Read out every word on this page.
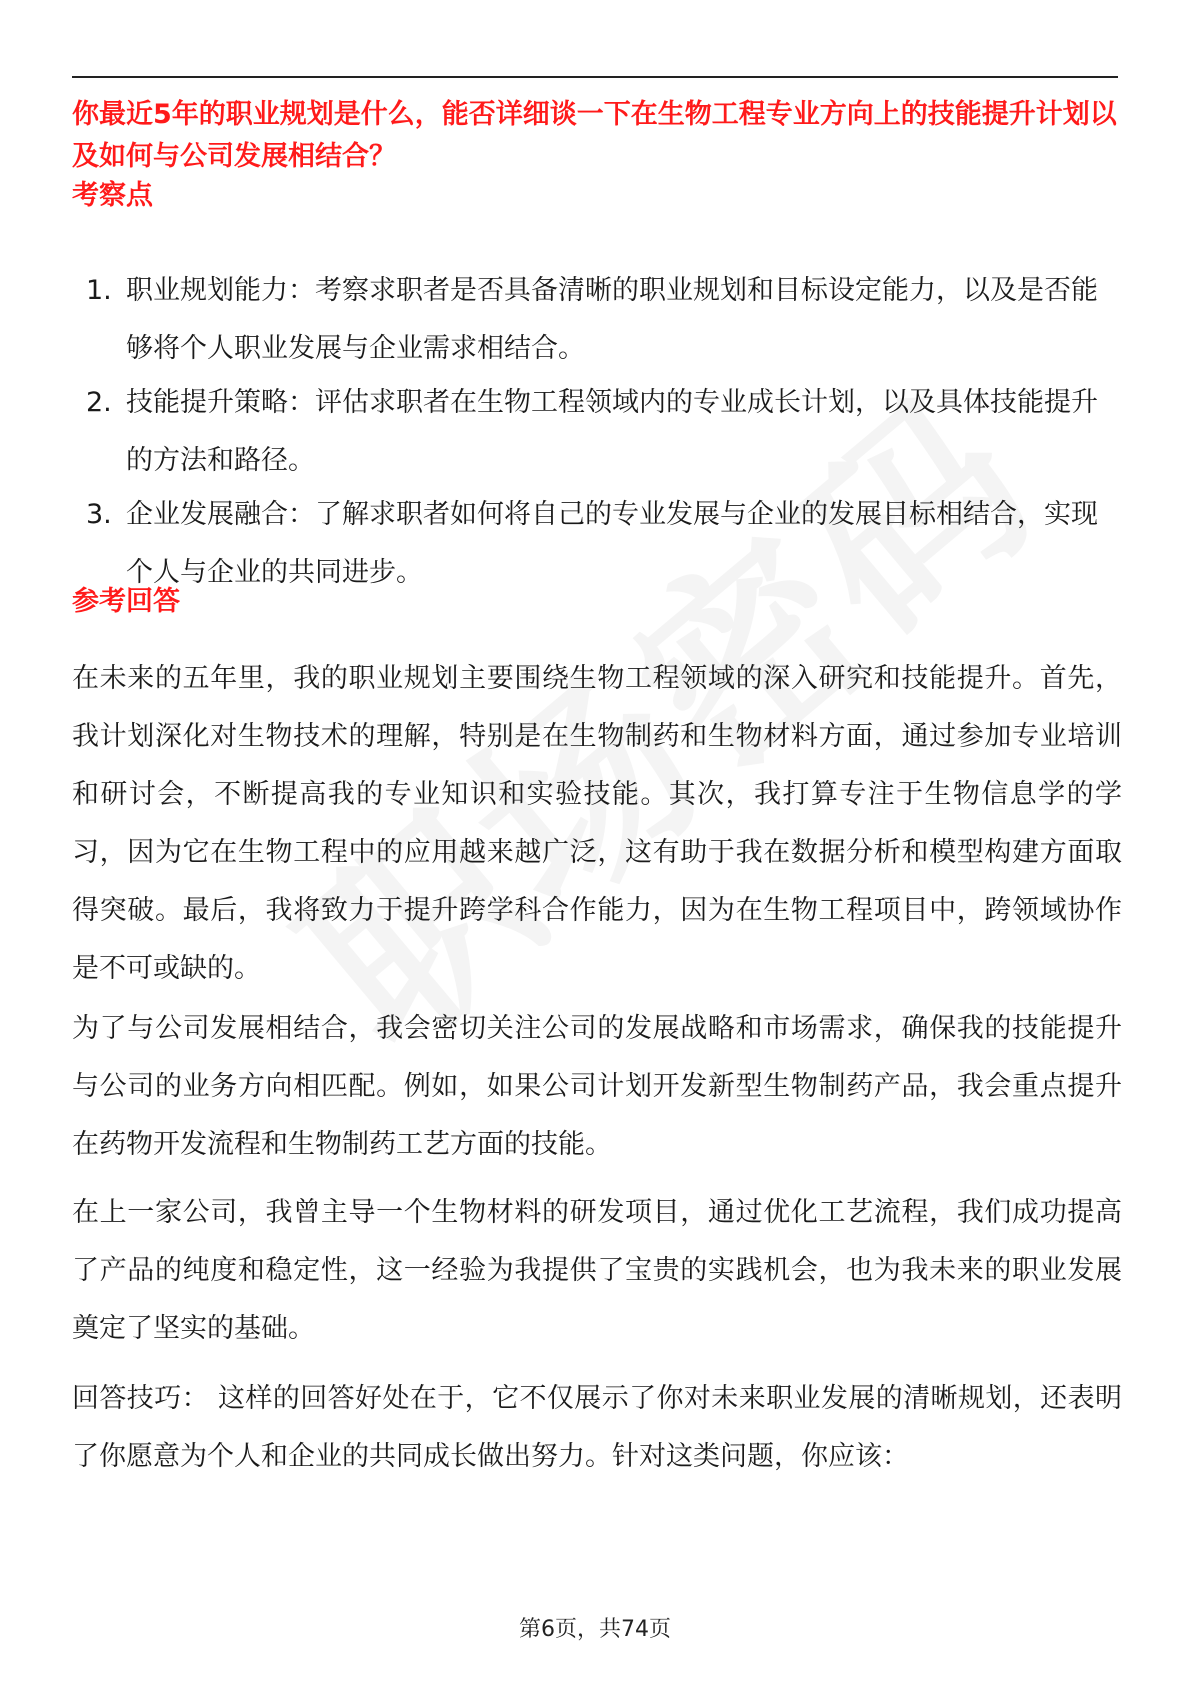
你最近5年的职业规划是什么，能否详细谈一下在生物工程专业方向上的技能提升计划以及如何与公司发展相结合？
考察点
1. 职业规划能力：考察求职者是否具备清晰的职业规划和目标设定能力，以及是否能够将个人职业发展与企业需求相结合。
2. 技能提升策略：评估求职者在生物工程领域内的专业成长计划，以及具体技能提升的方法和路径。
3. 企业发展融合：了解求职者如何将自己的专业发展与企业的发展目标相结合，实现个人与企业的共同进步。
参考回答

在未来的五年里，我的职业规划主要围绕生物工程领域的深入研究和技能提升。首先，我计划深化对生物技术的理解，特别是在生物制药和生物材料方面，通过参加专业培训和研讨会，不断提高我的专业知识和实验技能。其次，我打算专注于生物信息学的学习，因为它在生物工程中的应用越来越广泛，这有助于我在数据分析和模型构建方面取得突破。最后，我将致力于提升跨学科合作能力，因为在生物工程项目中，跨领域协作是不可或缺的。

为了与公司发展相结合，我会密切关注公司的发展战略和市场需求，确保我的技能提升与公司的业务方向相匹配。例如，如果公司计划开发新型生物制药产品，我会重点提升在药物开发流程和生物制药工艺方面的技能。

在上一家公司，我曾主导一个生物材料的研发项目，通过优化工艺流程，我们成功提高了产品的纯度和稳定性，这一经验为我提供了宝贵的实践机会，也为我未来的职业发展奠定了坚实的基础。

回答技巧： 这样的回答好处在于，它不仅展示了你对未来职业发展的清晰规划，还表明了你愿意为个人和企业的共同成长做出努力。针对这类问题，你应该：

第6页，共74页
